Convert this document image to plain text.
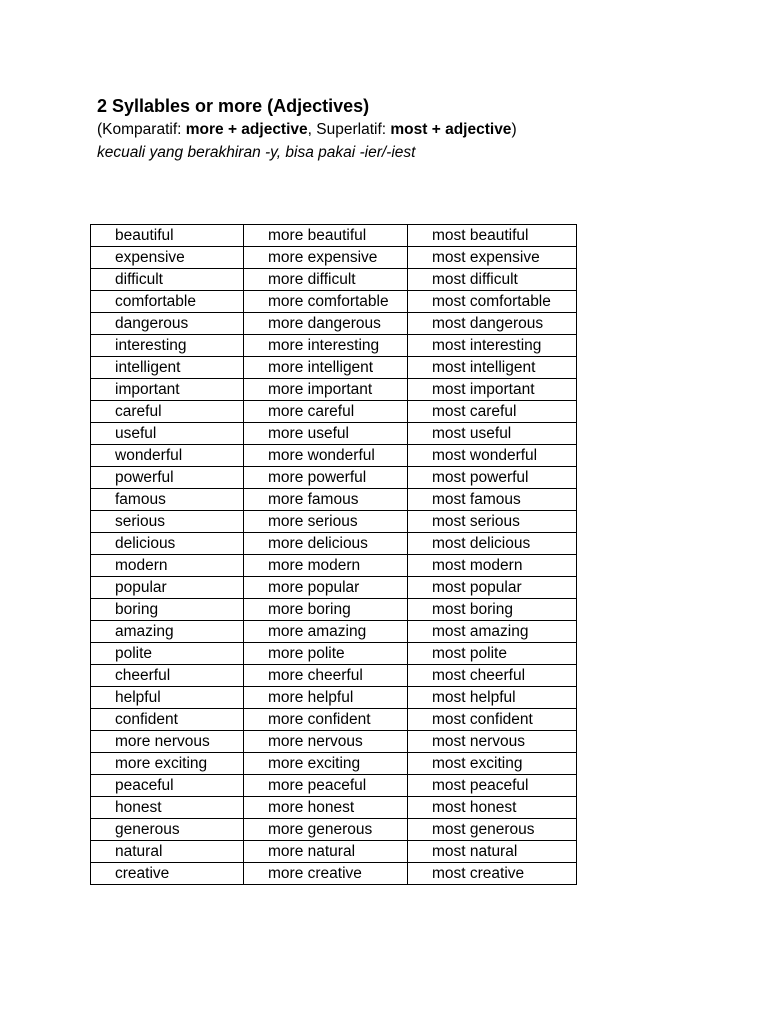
2 Syllables or more (Adjectives)
(Komparatif: more + adjective, Superlatif: most + adjective)
kecuali yang berakhiran -y, bisa pakai -ier/-iest
beautiful	more beautiful	most beautiful
expensive	more expensive	most expensive
difficult	more difficult	most difficult
comfortable	more comfortable	most comfortable
dangerous	more dangerous	most dangerous
interesting	more interesting	most interesting
intelligent	more intelligent	most intelligent
important	more important	most important
careful	more careful	most careful
useful	more useful	most useful
wonderful	more wonderful	most wonderful
powerful	more powerful	most powerful
famous	more famous	most famous
serious	more serious	most serious
delicious	more delicious	most delicious
modern	more modern	most modern
popular	more popular	most popular
boring	more boring	most boring
amazing	more amazing	most amazing
polite	more polite	most polite
cheerful	more cheerful	most cheerful
helpful	more helpful	most helpful
confident	more confident	most confident
more nervous	more nervous	most nervous
more exciting	more exciting	most exciting
peaceful	more peaceful	most peaceful
honest	more honest	most honest
generous	more generous	most generous
natural	more natural	most natural
creative	more creative	most creative
